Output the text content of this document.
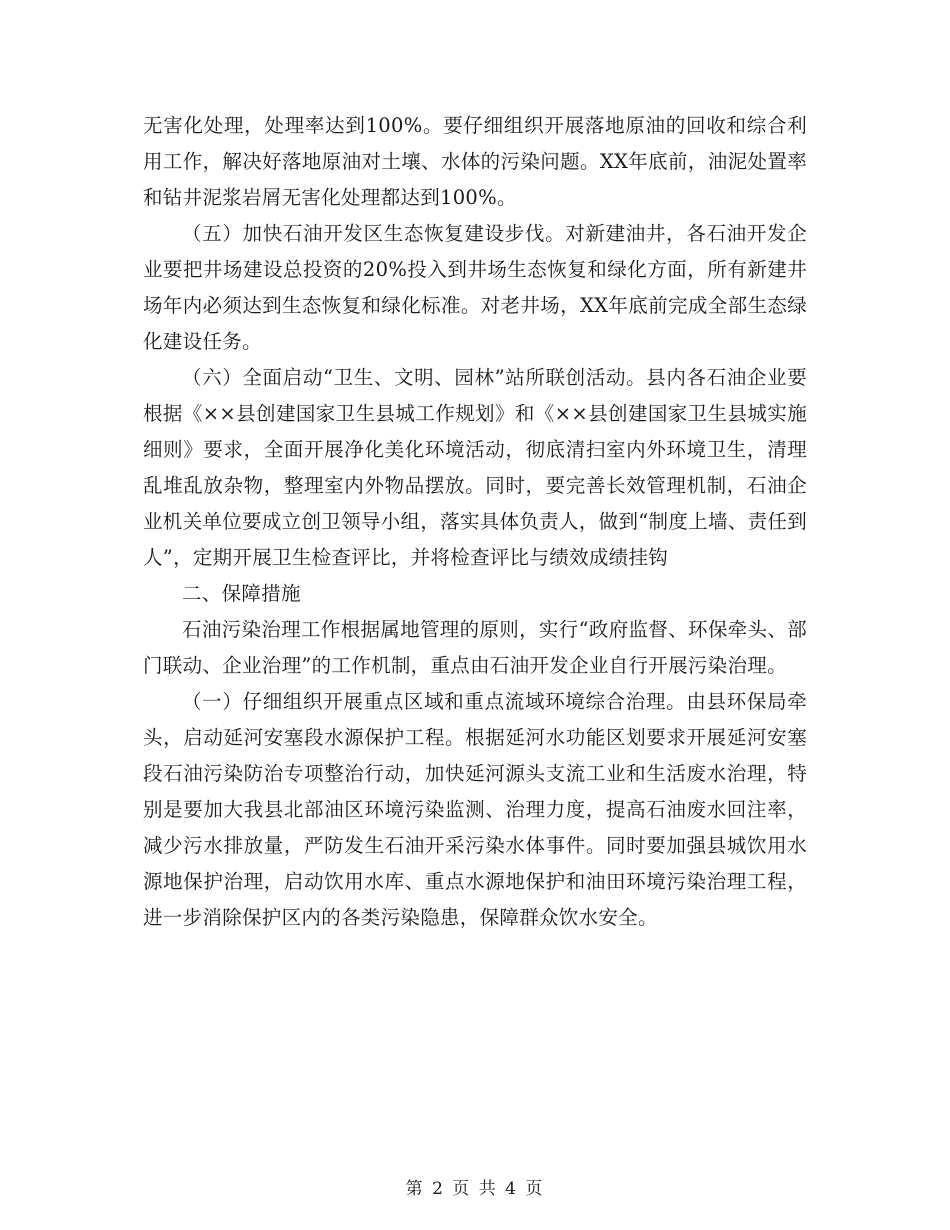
无害化处理，处理率达到100%。要仔细组织开展落地原油的回收和综合利用工作，解决好落地原油对土壤、水体的污染问题。XX年底前，油泥处置率和钻井泥浆岩屑无害化处理都达到100%。

（五）加快石油开发区生态恢复建设步伐。对新建油井，各石油开发企业要把井场建设总投资的20%投入到井场生态恢复和绿化方面，所有新建井场年内必须达到生态恢复和绿化标准。对老井场，XX年底前完成全部生态绿化建设任务。

（六）全面启动“卫生、文明、园林”站所联创活动。县内各石油企业要根据《××县创建国家卫生县城工作规划》和《××县创建国家卫生县城实施细则》要求，全面开展净化美化环境活动，彻底清扫室内外环境卫生，清理乱堆乱放杂物，整理室内外物品摆放。同时，要完善长效管理机制，石油企业机关单位要成立创卫领导小组，落实具体负责人，做到“制度上墙、责任到人”，定期开展卫生检查评比，并将检查评比与绩效成绩挂钩

二、保障措施

石油污染治理工作根据属地管理的原则，实行“政府监督、环保牵头、部门联动、企业治理”的工作机制，重点由石油开发企业自行开展污染治理。

（一）仔细组织开展重点区域和重点流域环境综合治理。由县环保局牵头，启动延河安塞段水源保护工程。根据延河水功能区划要求开展延河安塞段石油污染防治专项整治行动，加快延河源头支流工业和生活废水治理，特别是要加大我县北部油区环境污染监测、治理力度，提高石油废水回注率，减少污水排放量，严防发生石油开采污染水体事件。同时要加强县城饮用水源地保护治理，启动饮用水库、重点水源地保护和油田环境污染治理工程，进一步消除保护区内的各类污染隐患，保障群众饮水安全。

第 2 页 共 4 页
